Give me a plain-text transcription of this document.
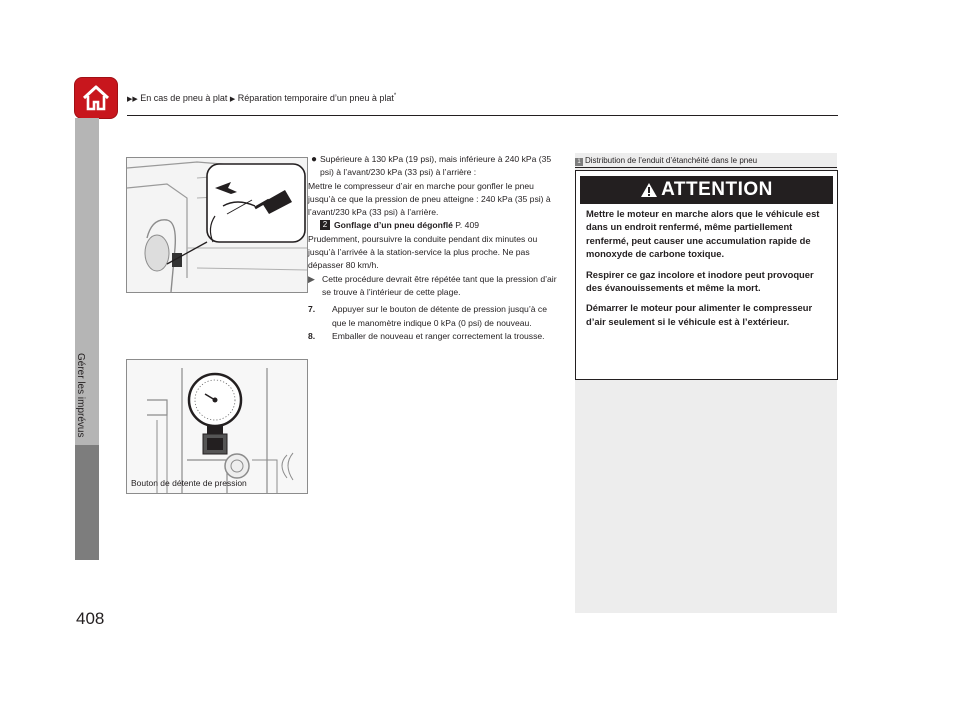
▶▶ En cas de pneu à plat ▶ Réparation temporaire d’un pneu à plat*
Gérer les imprévus
408
Bouton de détente de pression
● Supérieure à 130 kPa (19 psi), mais inférieure à 240 kPa (35 psi) à l’avant/230 kPa (33 psi) à l’arrière :
Mettre le compresseur d’air en marche pour gonfler le pneu jusqu’à ce que la pression de pneu atteigne : 240 kPa (35 psi) à l’avant/230 kPa (33 psi) à l’arrière.
2 Gonflage d’un pneu dégonflé P. 409
Prudemment, poursuivre la conduite pendant dix minutes ou jusqu’à l’arrivée à la station-service la plus proche. Ne pas dépasser 80 km/h.
▶ Cette procédure devrait être répétée tant que la pression d’air se trouve à l’intérieur de cette plage.
7.	Appuyer sur le bouton de détente de pression jusqu’à ce que le manomètre indique 0 kPa (0 psi) de nouveau.
8.	Emballer de nouveau et ranger correctement la trousse.
1 Distribution de l’enduit d’étanchéité dans le pneu
ATTENTION

Mettre le moteur en marche alors que le véhicule est dans un endroit renfermé, même partiellement renfermé, peut causer une accumulation rapide de monoxyde de carbone toxique.

Respirer ce gaz incolore et inodore peut provoquer des évanouissements et même la mort.

Démarrer le moteur pour alimenter le compresseur d’air seulement si le véhicule est à l’extérieur.
